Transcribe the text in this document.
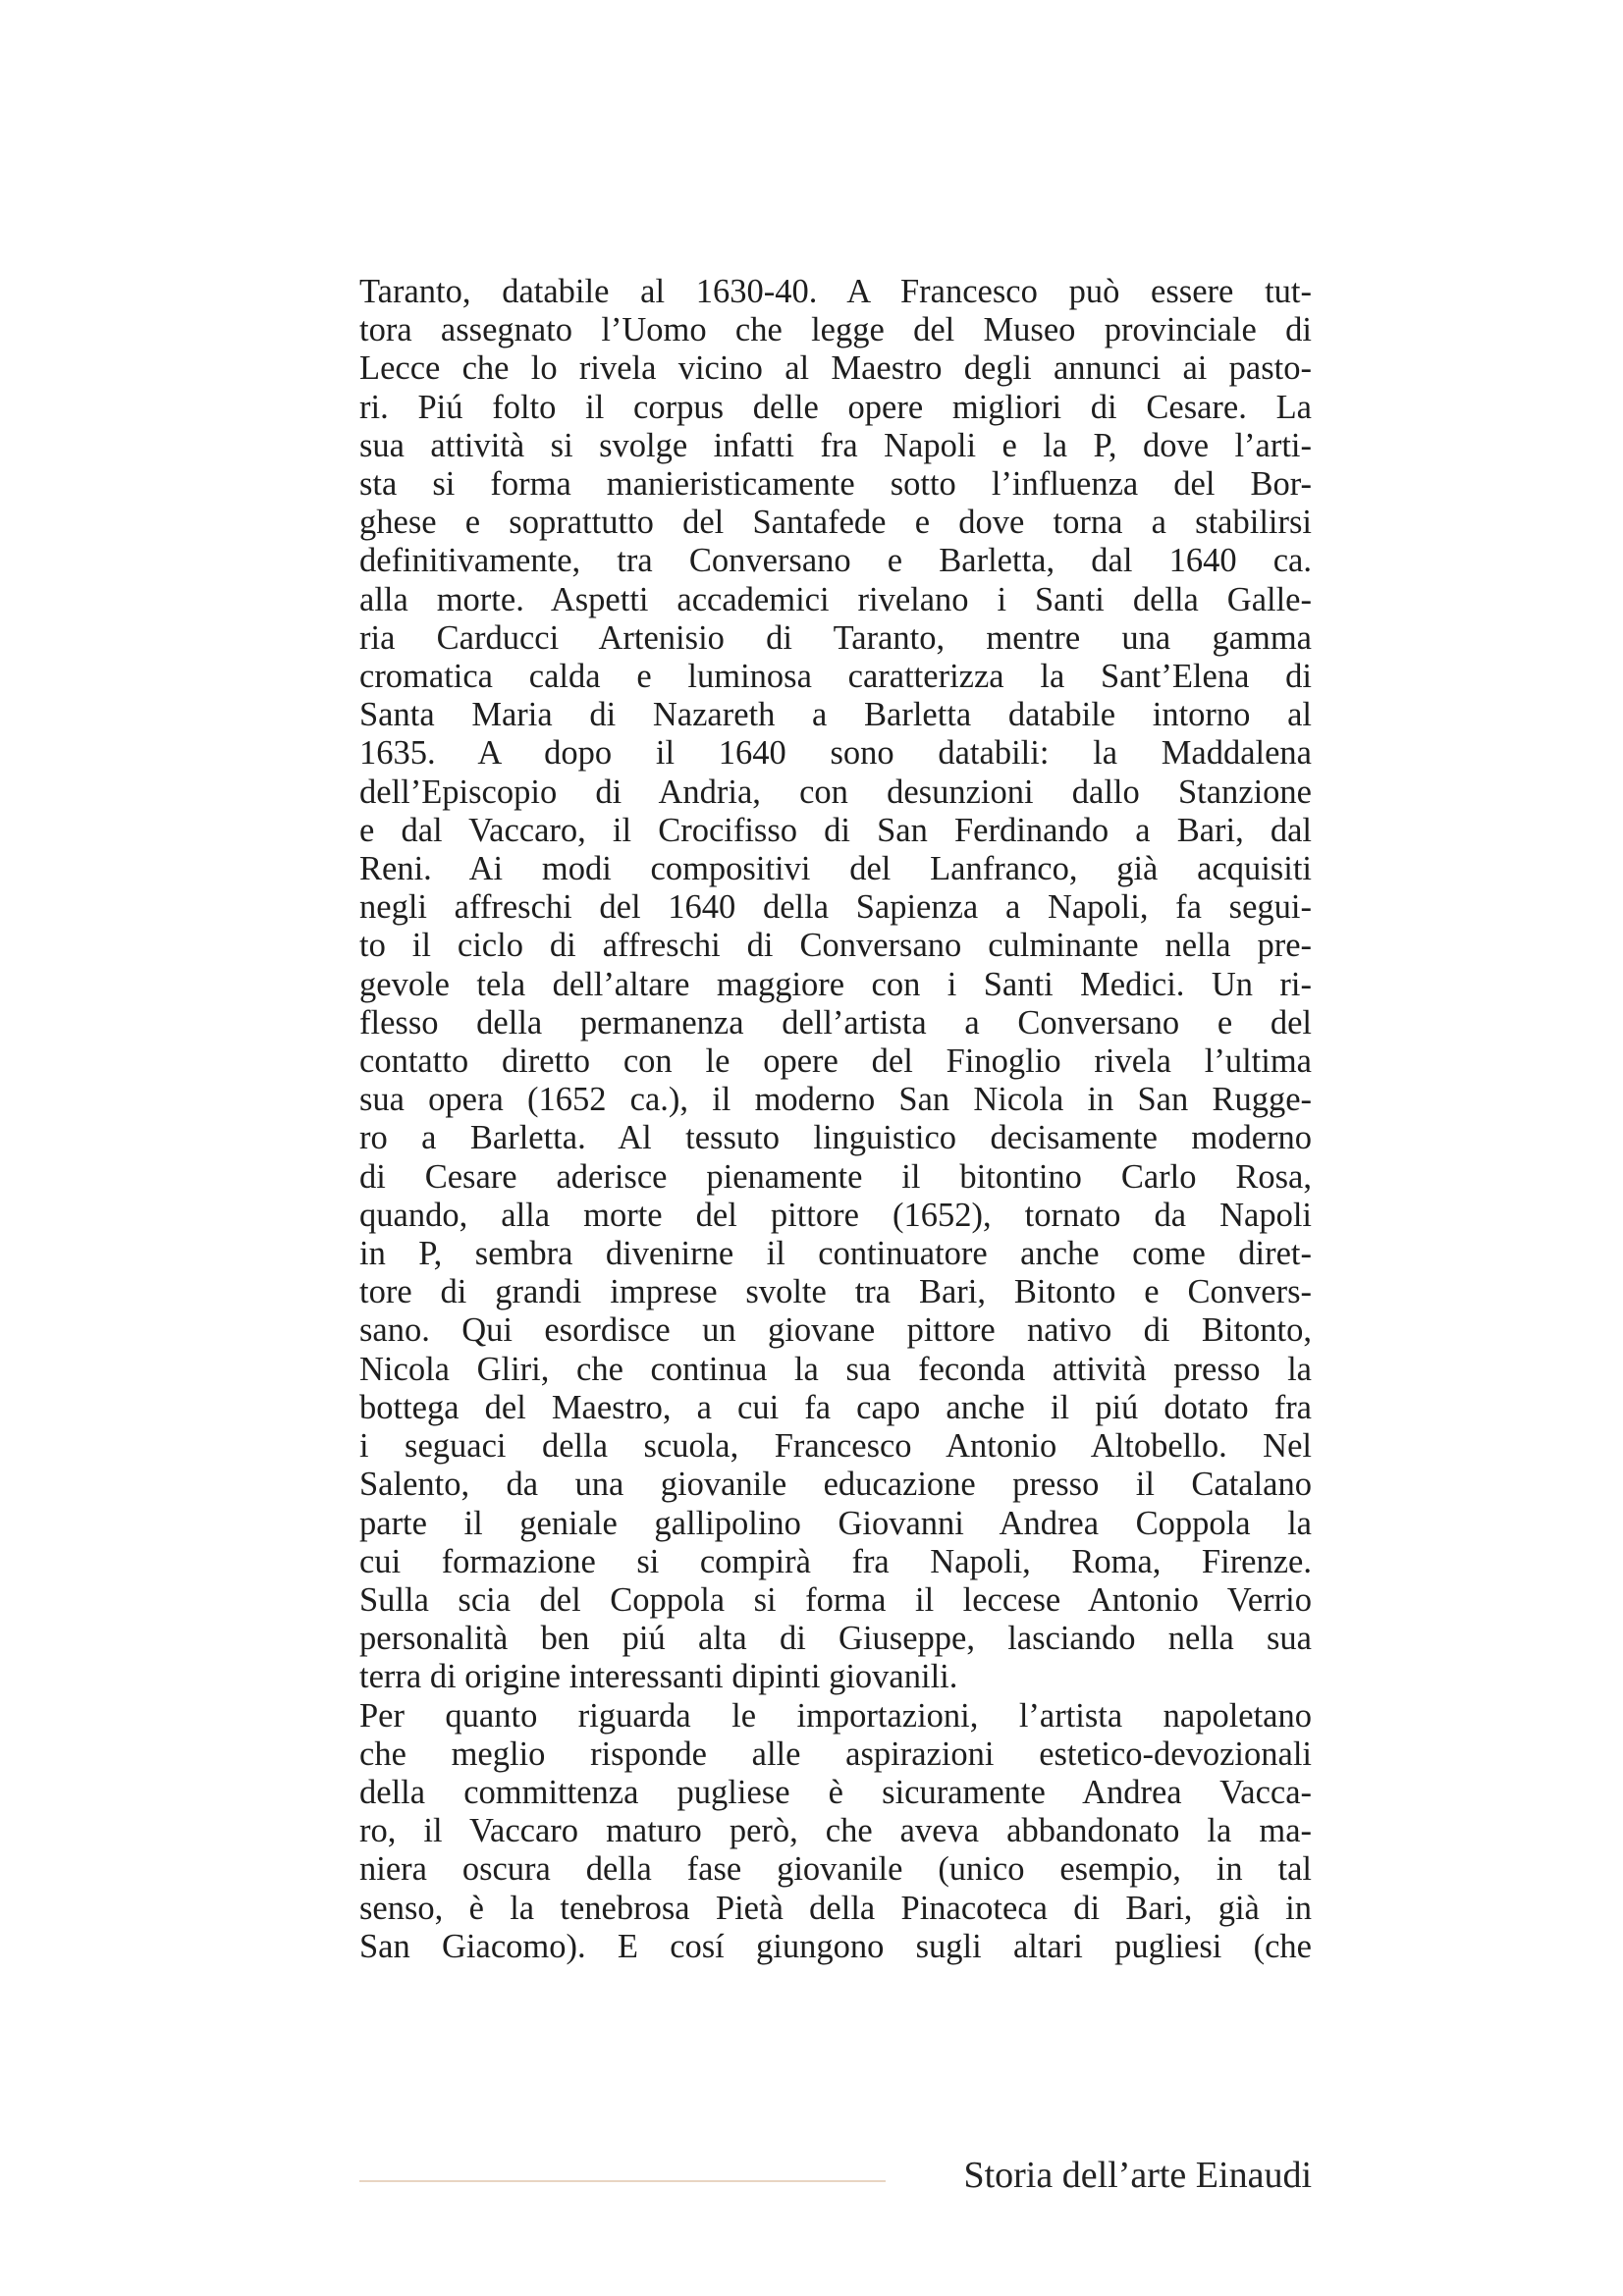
Taranto, databile al 1630-40. A Francesco può essere tut-
tora assegnato l’Uomo che legge del Museo provinciale di
Lecce che lo rivela vicino al Maestro degli annunci ai pasto-
ri. Piú folto il corpus delle opere migliori di Cesare. La
sua attività si svolge infatti fra Napoli e la P, dove l’arti-
sta si forma manieristicamente sotto l’influenza del Bor-
ghese e soprattutto del Santafede e dove torna a stabilirsi
definitivamente, tra Conversano e Barletta, dal 1640 ca.
alla morte. Aspetti accademici rivelano i Santi della Galle-
ria Carducci Artenisio di Taranto, mentre una gamma
cromatica calda e luminosa caratterizza la Sant’Elena di
Santa Maria di Nazareth a Barletta databile intorno al
1635. A dopo il 1640 sono databili: la Maddalena
dell’Episcopio di Andria, con desunzioni dallo Stanzione
e dal Vaccaro, il Crocifisso di San Ferdinando a Bari, dal
Reni. Ai modi compositivi del Lanfranco, già acquisiti
negli affreschi del 1640 della Sapienza a Napoli, fa segui-
to il ciclo di affreschi di Conversano culminante nella pre-
gevole tela dell’altare maggiore con i Santi Medici. Un ri-
flesso della permanenza dell’artista a Conversano e del
contatto diretto con le opere del Finoglio rivela l’ultima
sua opera (1652 ca.), il moderno San Nicola in San Rugge-
ro a Barletta. Al tessuto linguistico decisamente moderno
di Cesare aderisce pienamente il bitontino Carlo Rosa,
quando, alla morte del pittore (1652), tornato da Napoli
in P, sembra divenirne il continuatore anche come diret-
tore di grandi imprese svolte tra Bari, Bitonto e Convers-
sano. Qui esordisce un giovane pittore nativo di Bitonto,
Nicola Gliri, che continua la sua feconda attività presso la
bottega del Maestro, a cui fa capo anche il piú dotato fra
i seguaci della scuola, Francesco Antonio Altobello. Nel
Salento, da una giovanile educazione presso il Catalano
parte il geniale gallipolino Giovanni Andrea Coppola la
cui formazione si compirà fra Napoli, Roma, Firenze.
Sulla scia del Coppola si forma il leccese Antonio Verrio
personalità ben piú alta di Giuseppe, lasciando nella sua
terra di origine interessanti dipinti giovanili.
Per quanto riguarda le importazioni, l’artista napoletano
che meglio risponde alle aspirazioni estetico-devozionali
della committenza pugliese è sicuramente Andrea Vacca-
ro, il Vaccaro maturo però, che aveva abbandonato la ma-
niera oscura della fase giovanile (unico esempio, in tal
senso, è la tenebrosa Pietà della Pinacoteca di Bari, già in
San Giacomo). E cosí giungono sugli altari pugliesi (che
Storia dell’arte Einaudi
